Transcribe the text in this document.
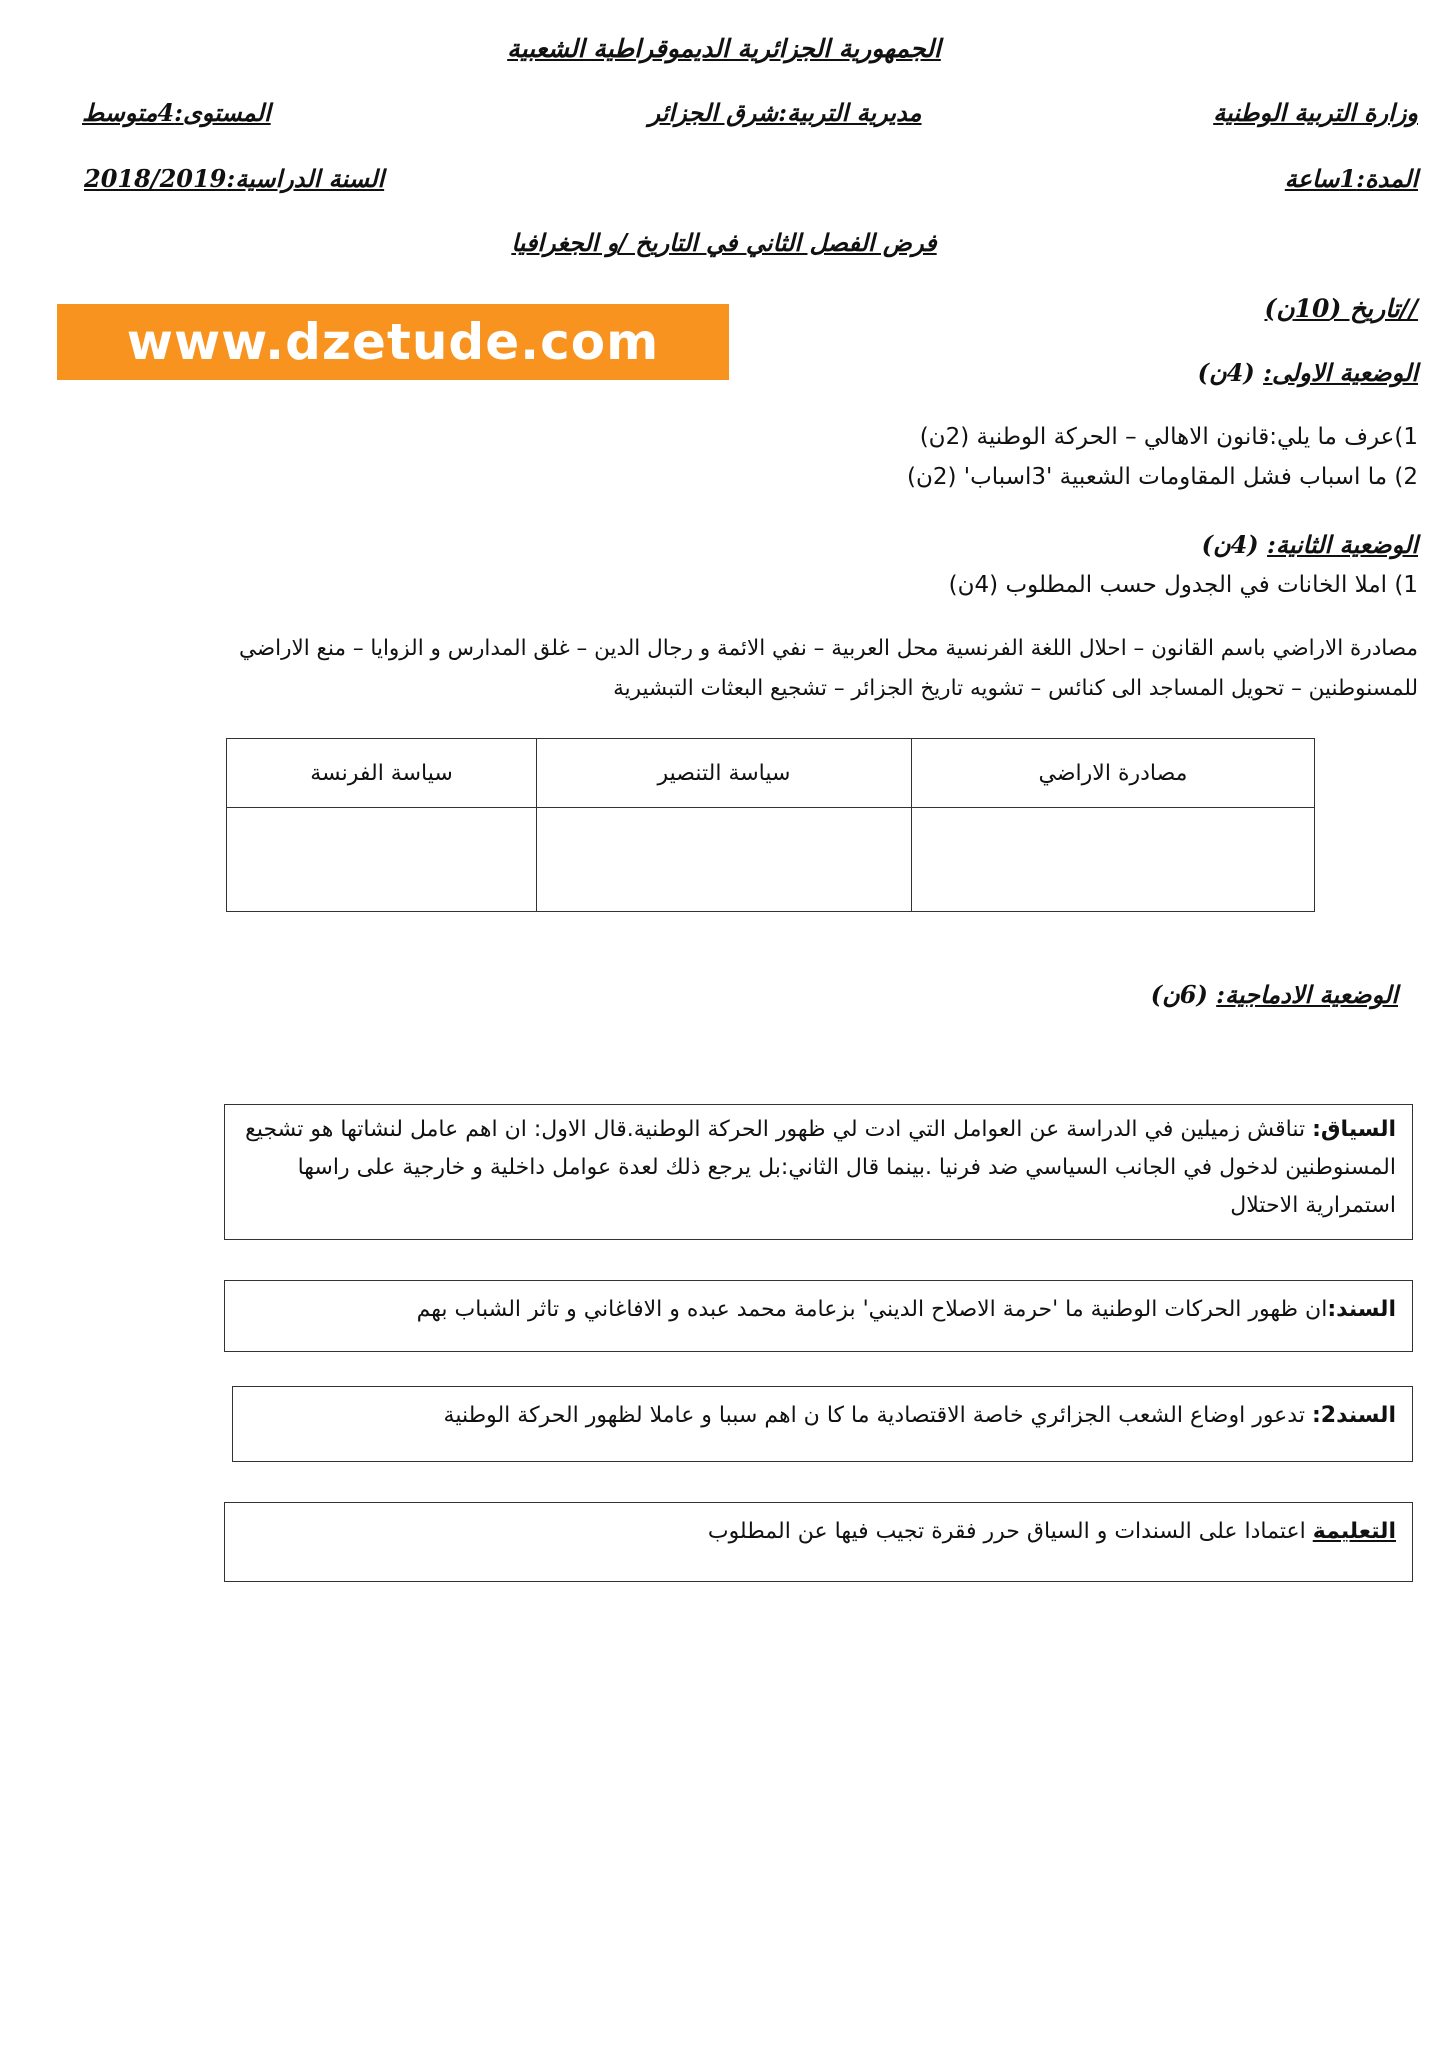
الجمهورية الجزائرية الديموقراطية الشعبية
وزارة التربية الوطنية
مديرية التربية:شرق الجزائر
المستوى:4متوسط
المدة:1ساعة
السنة الدراسية:2018/2019
فرض الفصل الثاني في التاريخ /و الجغرافيا
www.dzetude.com
//تاريخ (10ن)
الوضعية الاولى: (4ن)
1)عرف ما يلي:قانون الاهالي – الحركة الوطنية (2ن)
2) ما اسباب فشل المقاومات الشعبية '3اسباب' (2ن)
الوضعية الثانية: (4ن)
1) املا الخانات في الجدول حسب المطلوب (4ن)
مصادرة الاراضي باسم القانون – احلال اللغة الفرنسية محل العربية – نفي الائمة و رجال الدين – غلق المدارس و الزوايا – منع الاراضي
للمسنوطنين – تحويل المساجد الى كنائس – تشويه تاريخ الجزائر – تشجيع البعثات التبشيرية
مصادرة الاراضي	سياسة التنصير	سياسة الفرنسة

الوضعية الادماجية: (6ن)
السياق: تناقش زميلين في الدراسة عن العوامل التي ادت لي ظهور الحركة الوطنية.قال الاول: ان اهم عامل لنشاتها هو تشجيع المسنوطنين لدخول في الجانب السياسي ضد فرنيا .بينما قال الثاني:بل يرجع ذلك لعدة عوامل داخلية و خارجية على راسها استمرارية الاحتلال
السند:ان ظهور الحركات الوطنية ما 'حرمة الاصلاح الديني' بزعامة محمد عبده و الافاغاني و تاثر الشباب بهم
السند2: تدعور اوضاع الشعب الجزائري خاصة الاقتصادية ما كا ن اهم سببا و عاملا لظهور الحركة الوطنية
التعليمة اعتمادا على السندات و السياق حرر فقرة تجيب فيها عن المطلوب
